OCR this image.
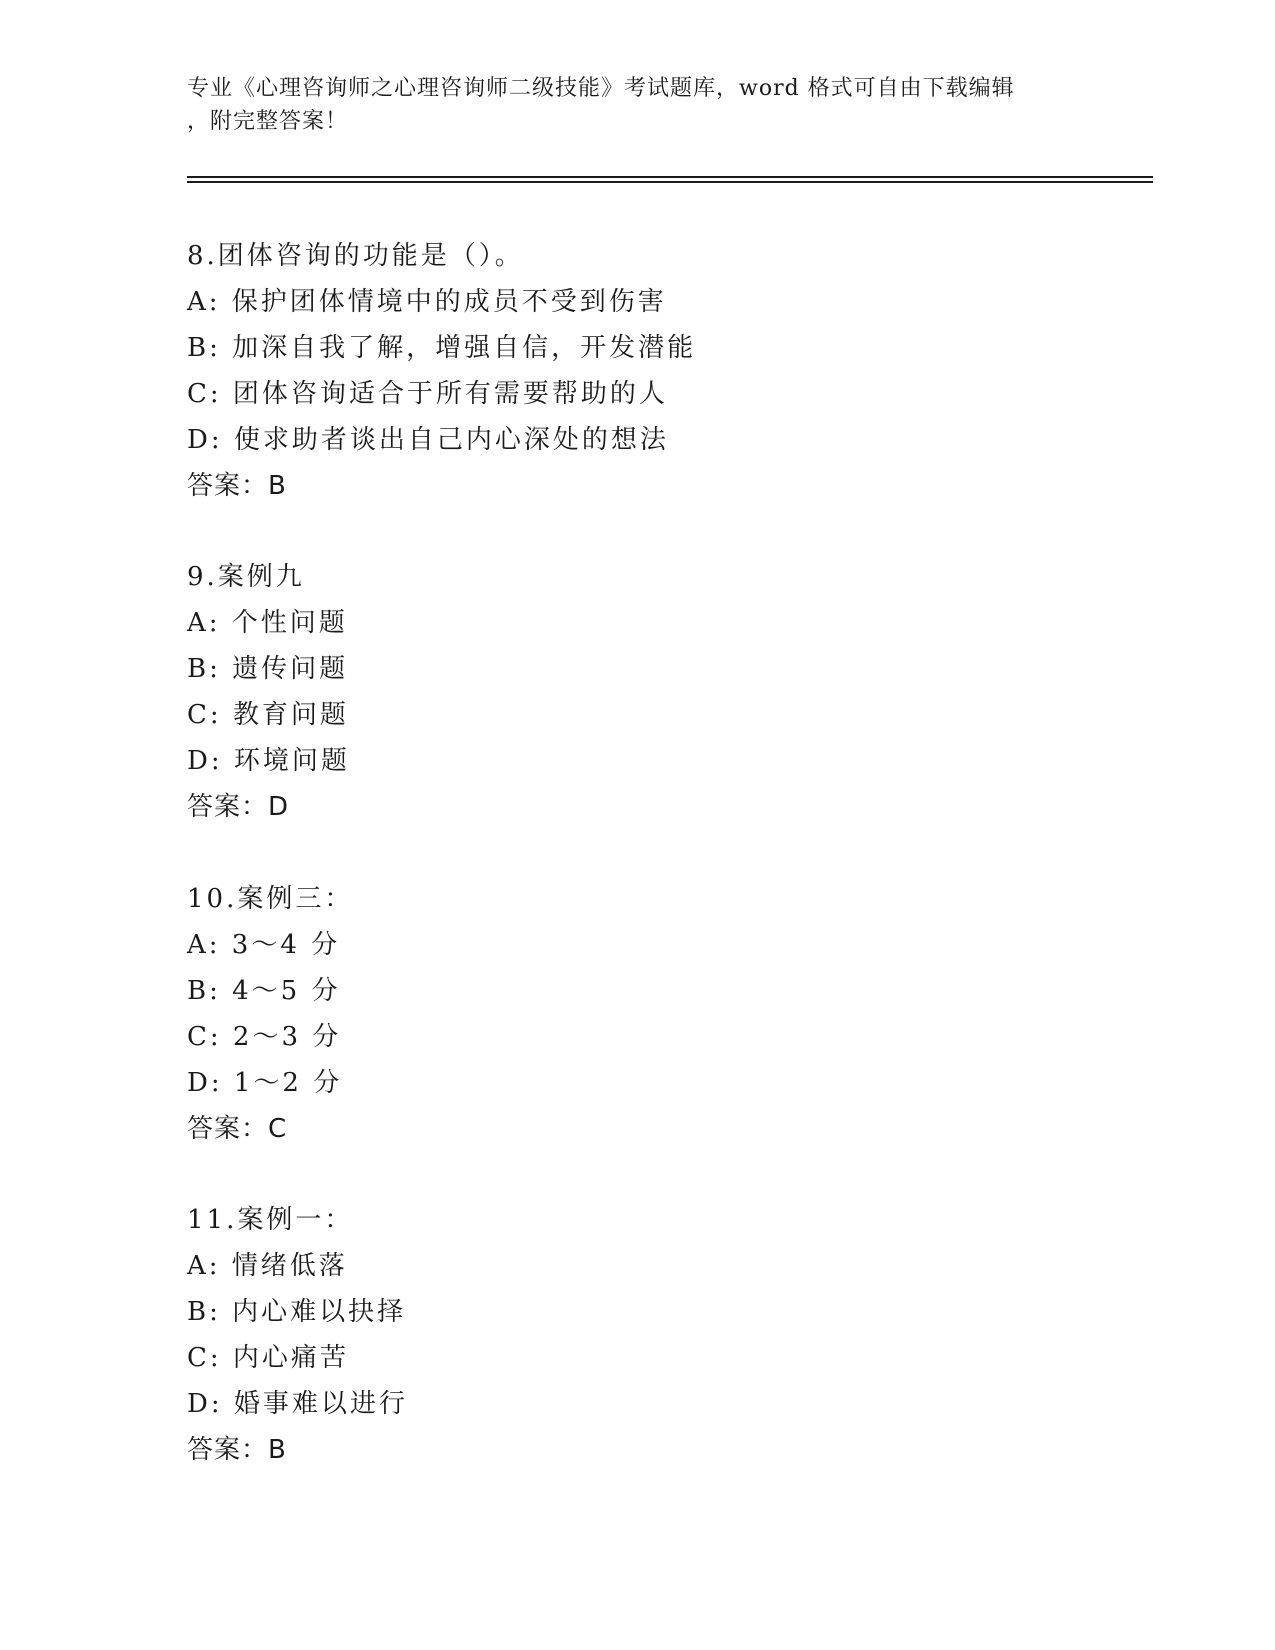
专业《心理咨询师之心理咨询师二级技能》考试题库，word 格式可自由下载编辑
，附完整答案！
8.团体咨询的功能是（）。
A: 保护团体情境中的成员不受到伤害
B: 加深自我了解，增强自信，开发潜能
C: 团体咨询适合于所有需要帮助的人
D: 使求助者谈出自己内心深处的想法
答案：B
9.案例九
A: 个性问题
B: 遗传问题
C: 教育问题
D: 环境问题
答案：D
10.案例三：
A: 3～4 分
B: 4～5 分
C: 2～3 分
D: 1～2 分
答案：C
11.案例一：
A: 情绪低落
B: 内心难以抉择
C: 内心痛苦
D: 婚事难以进行
答案：B
